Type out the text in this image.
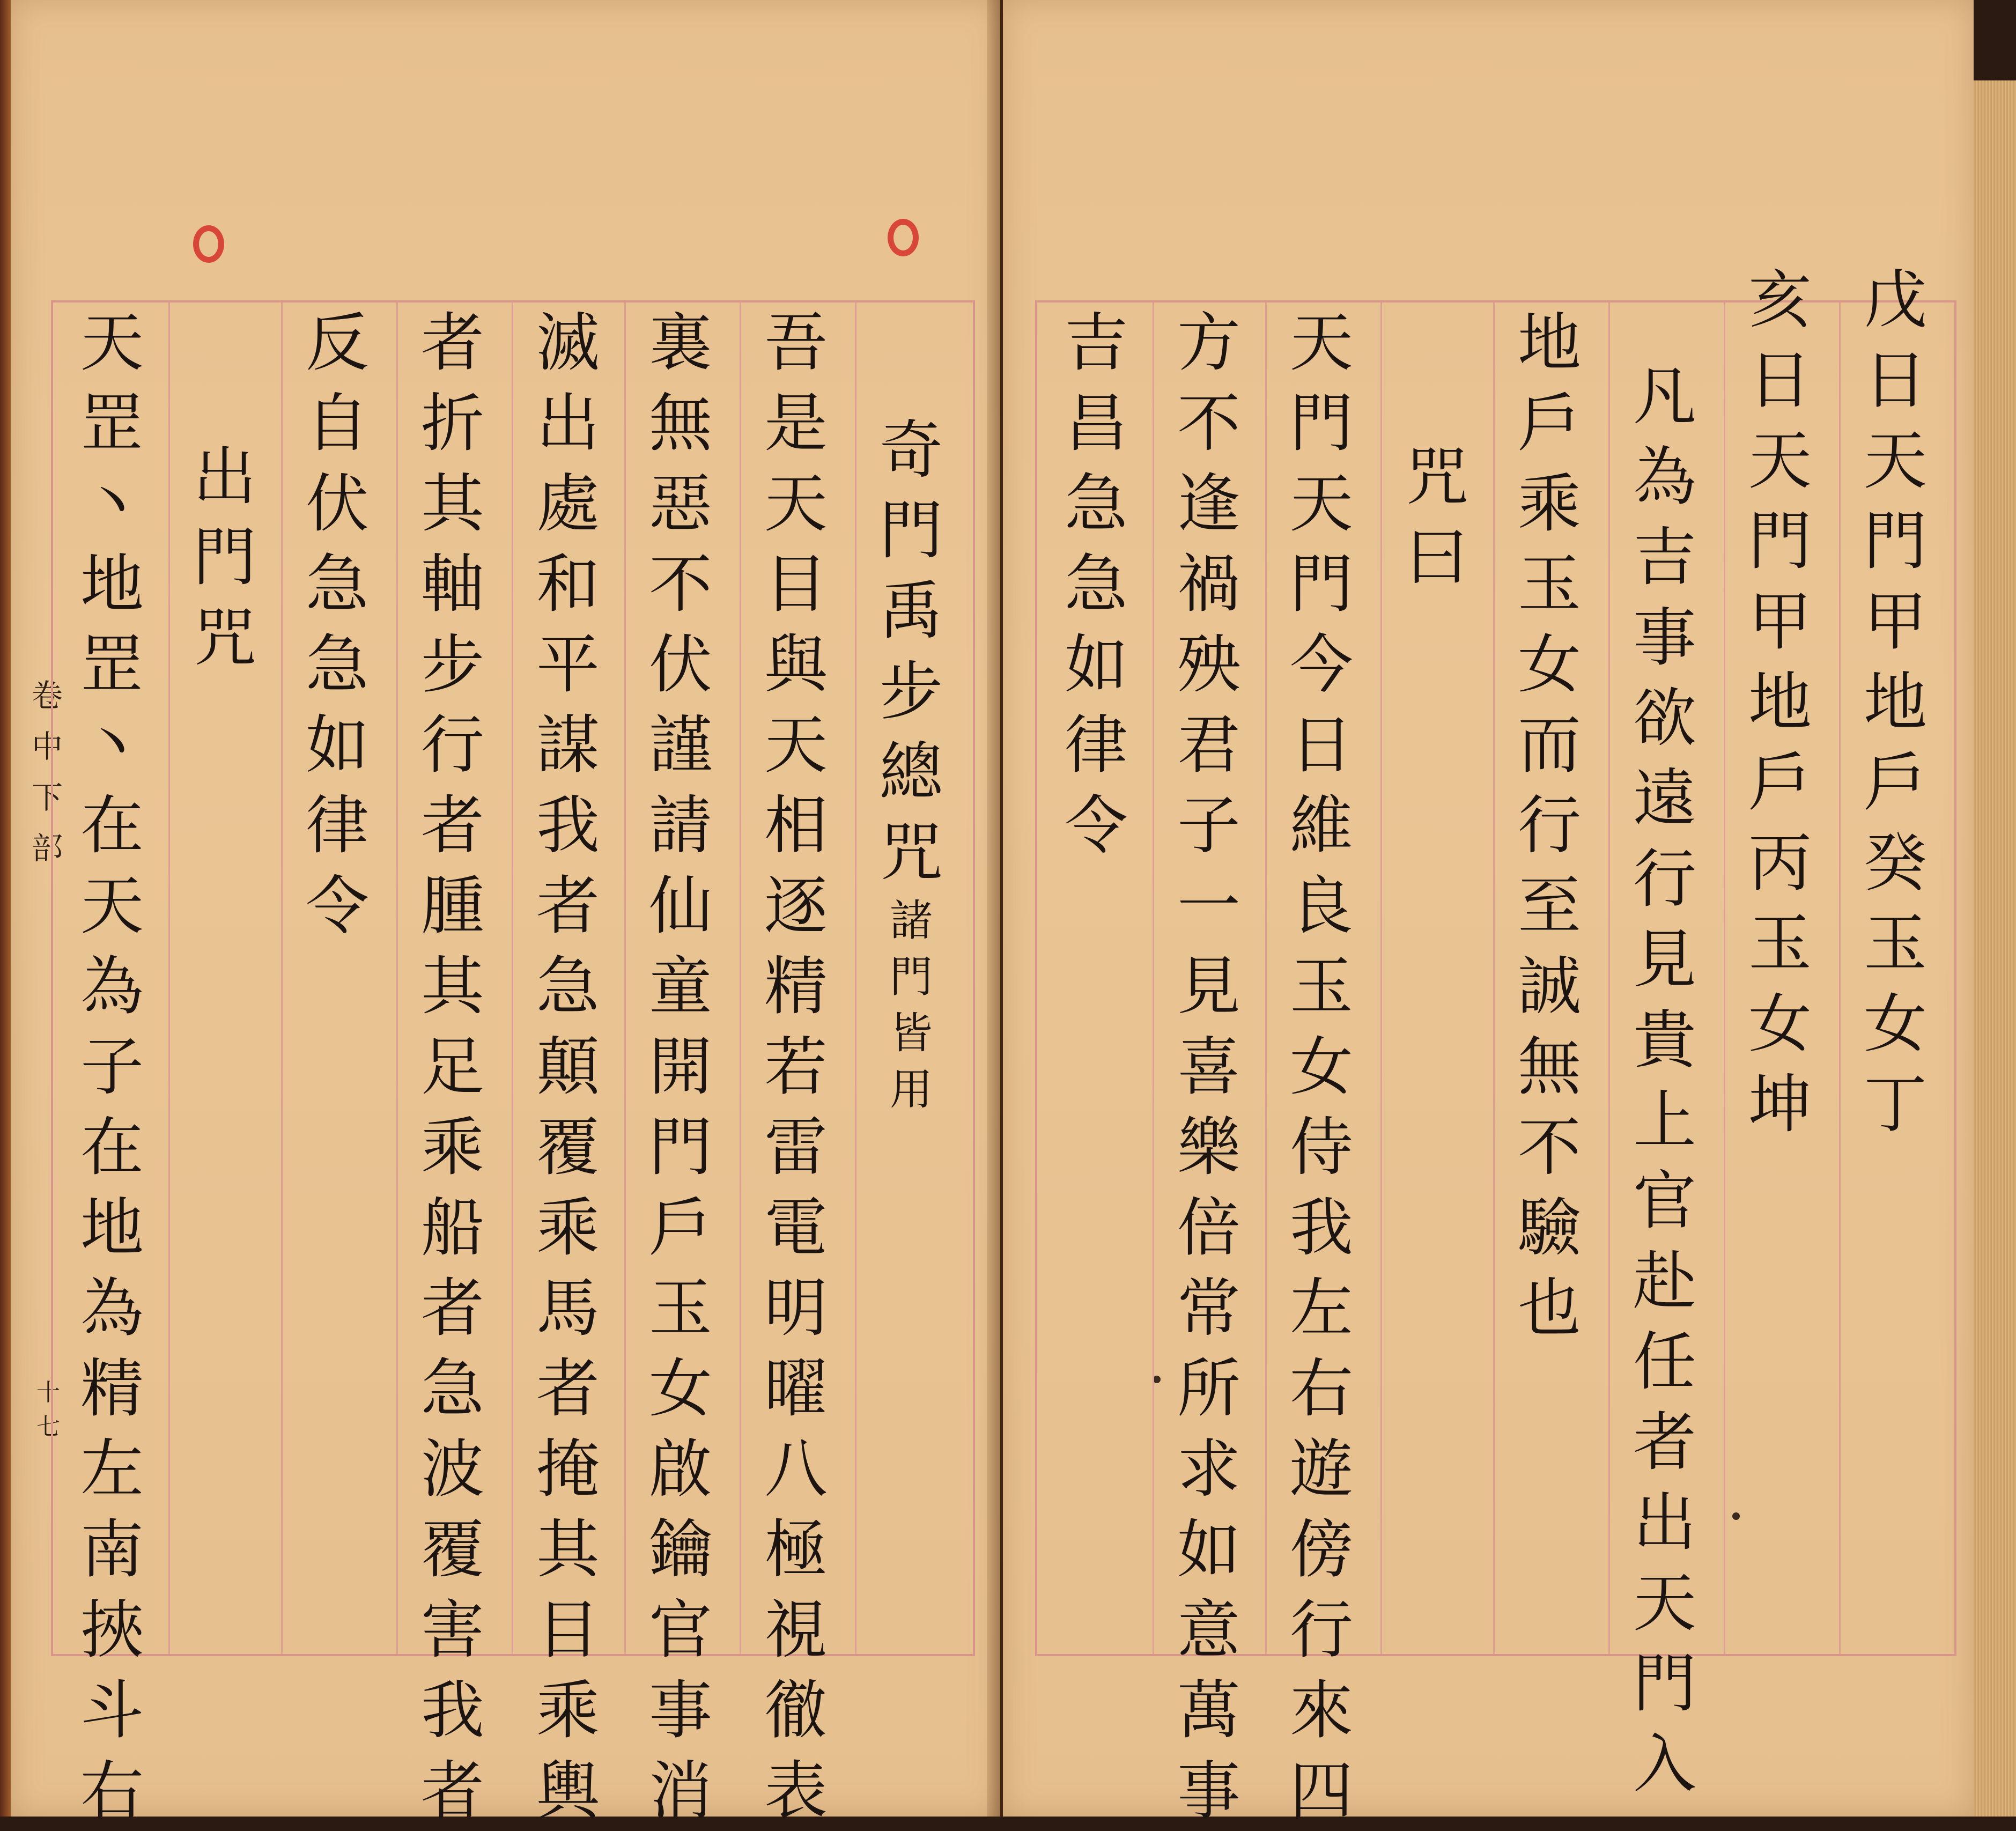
卷
中
下
部
十七
天
罡
丶
地
罡
丶
在
天
為
子
在
地
為
精
左
南
挾
斗
右
出
門
咒
反
自
伏
急
急
如
律
令
者
折
其
軸
步
行
者
腫
其
足
乘
船
者
急
波
覆
害
我
者
滅
出
處
和
平
謀
我
者
急
顛
覆
乘
馬
者
掩
其
目
乘
輿
裏
無
惡
不
伏
謹
請
仙
童
開
門
戶
玉
女
啟
鑰
官
事
消
吾
是
天
目
與
天
相
逐
精
若
雷
電
明
曜
八
極
視
徹
表
奇
門
禹
步
總
咒
諸
門
皆
用
吉
昌
急
急
如
律
令
方
不
逢
禍
殃
君
子
一
見
喜
樂
倍
常
所
求
如
意
萬
事
天
門
天
門
今
日
維
良
玉
女
侍
我
左
右
遊
傍
行
來
四
咒
曰
地
戶
乘
玉
女
而
行
至
誠
無
不
驗
也
凡
為
吉
事
欲
遠
行
見
貴
上
官
赴
任
者
出
天
門
入
亥
日
天
門
甲
地
戶
丙
玉
女
坤
戊
日
天
門
甲
地
戶
癸
玉
女
丁
